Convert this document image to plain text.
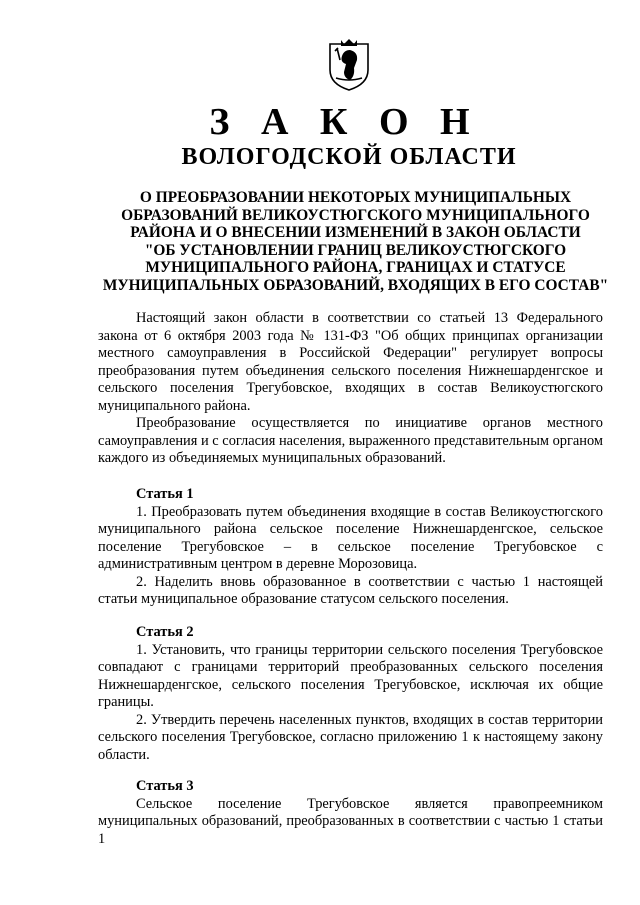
З А К О Н
ВОЛОГОДСКОЙ ОБЛАСТИ
О ПРЕОБРАЗОВАНИИ НЕКОТОРЫХ МУНИЦИПАЛЬНЫХ
ОБРАЗОВАНИЙ ВЕЛИКОУСТЮГСКОГО МУНИЦИПАЛЬНОГО
РАЙОНА И О ВНЕСЕНИИ ИЗМЕНЕНИЙ В ЗАКОН ОБЛАСТИ
"ОБ УСТАНОВЛЕНИИ ГРАНИЦ ВЕЛИКОУСТЮГСКОГО
МУНИЦИПАЛЬНОГО РАЙОНА, ГРАНИЦАХ И СТАТУСЕ
МУНИЦИПАЛЬНЫХ ОБРАЗОВАНИЙ, ВХОДЯЩИХ В ЕГО СОСТАВ"

Настоящий закон области в соответствии со статьей 13 Федерального закона от 6 октября 2003 года № 131-ФЗ "Об общих принципах организации местного самоуправления в Российской Федерации" регулирует вопросы преобразования путем объединения сельского поселения Нижнешарденгское и сельского поселения Трегубовское, входящих в состав Великоустюгского муниципального района.

Преобразование осуществляется по инициативе органов местного самоуправления и с согласия населения, выраженного представительным органом каждого из объединяемых муниципальных образований.

Статья 1

1. Преобразовать путем объединения входящие в состав Великоустюгского муниципального района сельское поселение Нижнешарденгское, сельское поселение Трегубовское – в сельское поселение Трегубовское с административным центром в деревне Морозовица.

2. Наделить вновь образованное в соответствии с частью 1 настоящей статьи муниципальное образование статусом сельского поселения.

Статья 2

1. Установить, что границы территории сельского поселения Трегубовское совпадают с границами территорий преобразованных сельского поселения Нижнешарденгское, сельского поселения Трегубовское, исключая их общие границы.

2. Утвердить перечень населенных пунктов, входящих в состав территории сельского поселения Трегубовское, согласно приложению 1 к настоящему закону области.

Статья 3

Сельское поселение Трегубовское является правопреемником муниципальных образований, преобразованных в соответствии с частью 1 статьи 1
